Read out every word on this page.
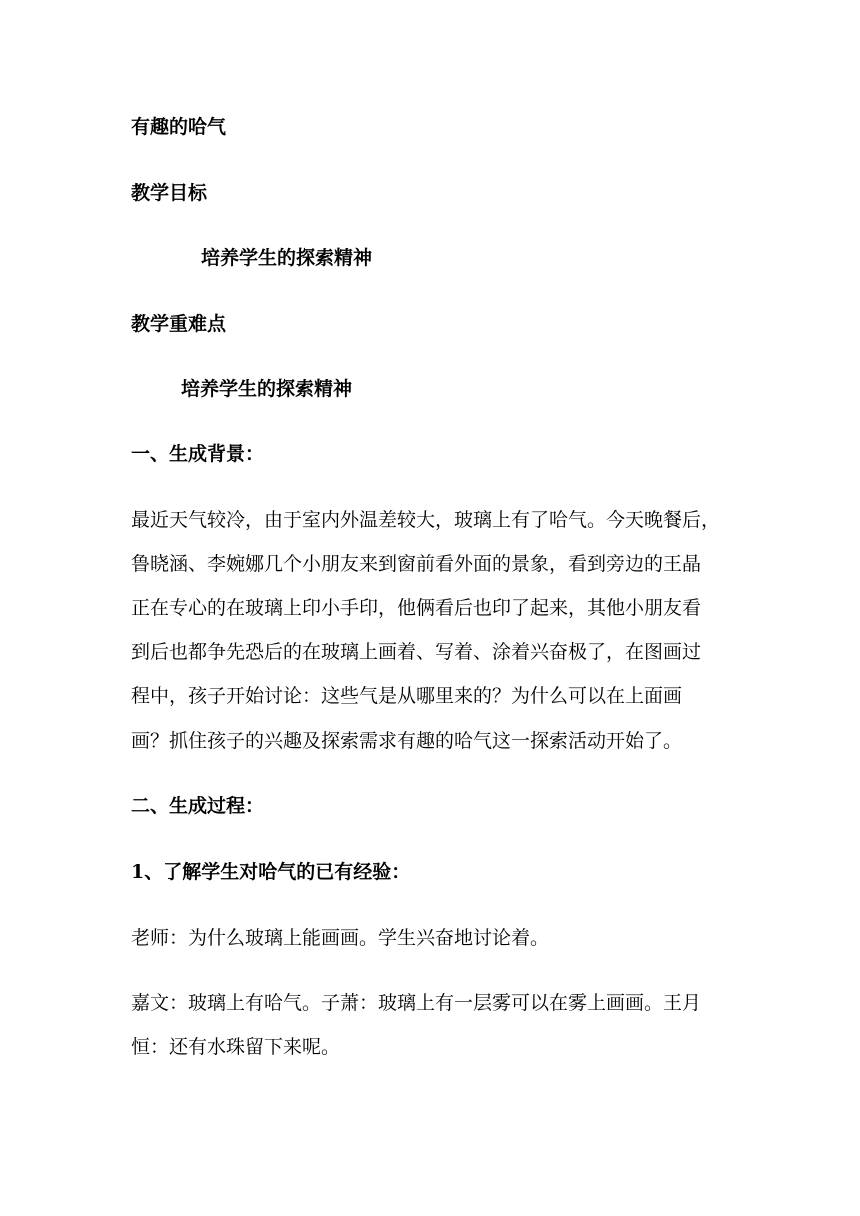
有趣的哈气
教学目标
培养学生的探索精神
教学重难点
培养学生的探索精神
一、生成背景：
最近天气较冷，由于室内外温差较大，玻璃上有了哈气。今天晚餐后，
鲁晓涵、李婉娜几个小朋友来到窗前看外面的景象，看到旁边的王晶
正在专心的在玻璃上印小手印，他俩看后也印了起来，其他小朋友看
到后也都争先恐后的在玻璃上画着、写着、涂着兴奋极了，在图画过
程中，孩子开始讨论：这些气是从哪里来的？为什么可以在上面画
画？抓住孩子的兴趣及探索需求有趣的哈气这一探索活动开始了。
二、生成过程：
1、了解学生对哈气的已有经验：
老师：为什么玻璃上能画画。学生兴奋地讨论着。
嘉文：玻璃上有哈气。子萧：玻璃上有一层雾可以在雾上画画。王月
恒：还有水珠留下来呢。
